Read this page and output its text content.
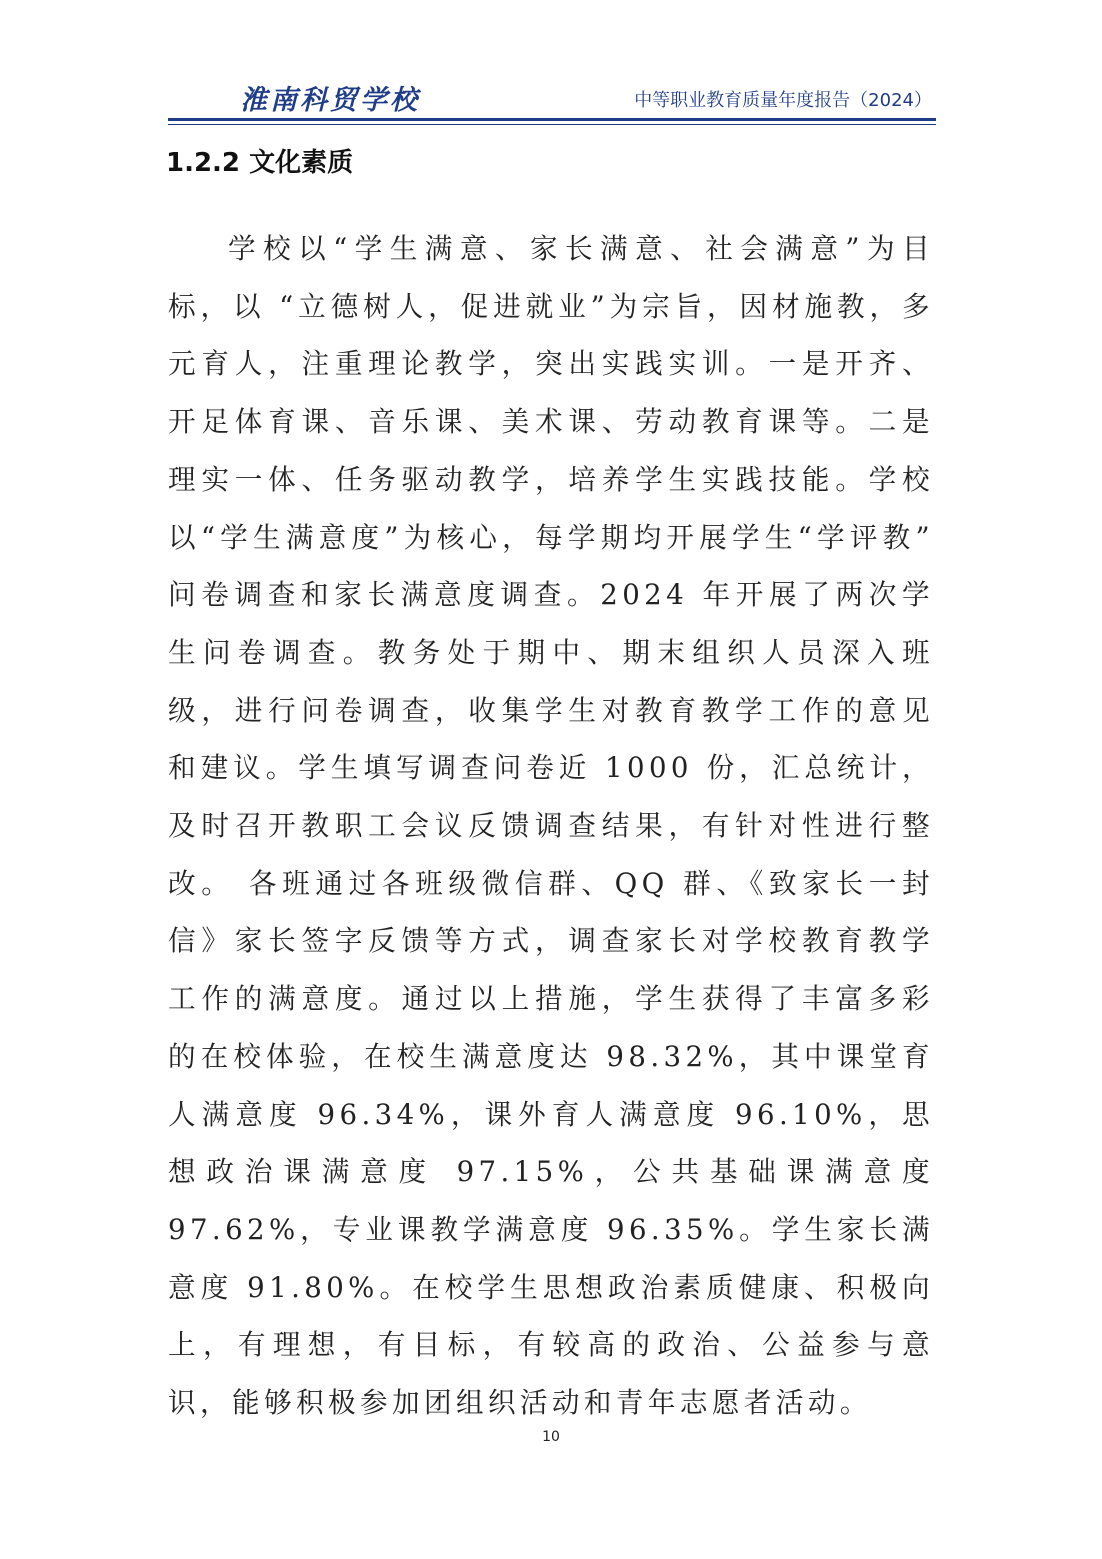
淮南科贸学校	中等职业教育质量年度报告（2024）
1.2.2 文化素质

学校以“学生满意、家长满意、社会满意”为目标，以 “立德树人，促进就业”为宗旨，因材施教，多元育人，注重理论教学，突出实践实训。一是开齐、开足体育课、音乐课、美术课、劳动教育课等。二是理实一体、任务驱动教学，培养学生实践技能。学校以“学生满意度”为核心，每学期均开展学生“学评教” 问卷调查和家长满意度调查。2024 年开展了两次学生问卷调查。教务处于期中、期末组织人员深入班级，进行问卷调查，收集学生对教育教学工作的意见和建议。学生填写调查问卷近 1000 份，汇总统计，及时召开教职工会议反馈调查结果，有针对性进行整改。 各班通过各班级微信群、QQ 群、《致家长一封信》家长签字反馈等方式，调查家长对学校教育教学工作的满意度。通过以上措施，学生获得了丰富多彩的在校体验，在校生满意度达 98.32%，其中课堂育人满意度 96.34%，课外育人满意度 96.10%，思想政治课满意度 97.15%，公共基础课满意度 97.62%，专业课教学满意度 96.35%。学生家长满意度 91.80%。在校学生思想政治素质健康、积极向上，有理想，有目标，有较高的政治、公益参与意识，能够积极参加团组织活动和青年志愿者活动。

10
